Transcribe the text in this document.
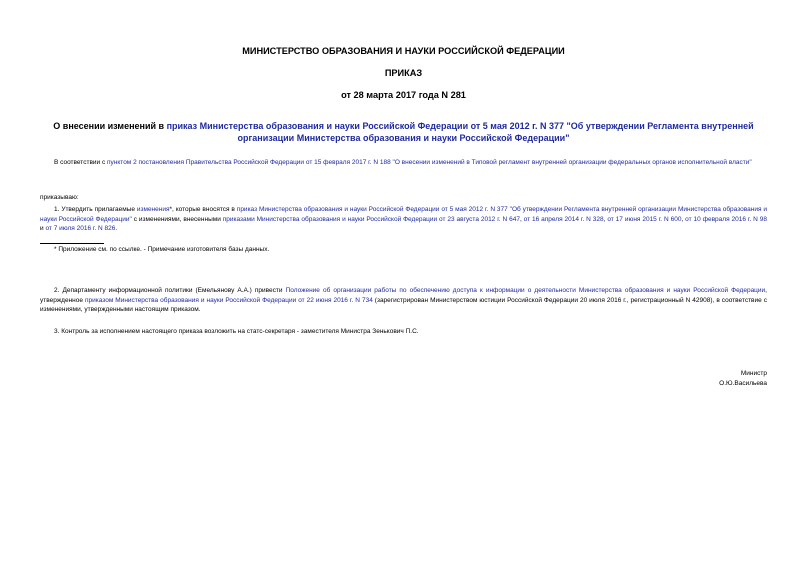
МИНИСТЕРСТВО ОБРАЗОВАНИЯ И НАУКИ РОССИЙСКОЙ ФЕДЕРАЦИИ
ПРИКАЗ
от 28 марта 2017 года N 281
О внесении изменений в приказ Министерства образования и науки Российской Федерации от 5 мая 2012 г. N 377 "Об утверждении Регламента внутренней организации Министерства образования и науки Российской Федерации"
В соответствии с пунктом 2 постановления Правительства Российской Федерации от 15 февраля 2017 г. N 188 "О внесении изменений в Типовой регламент внутренней организации федеральных органов исполнительной власти"
приказываю:
1. Утвердить прилагаемые изменения*, которые вносятся в приказ Министерства образования и науки Российской Федерации от 5 мая 2012 г. N 377 "Об утверждении Регламента внутренней организации Министерства образования и науки Российской Федерации" с изменениями, внесенными приказами Министерства образования и науки Российской Федерации от 23 августа 2012 г. N 647, от 16 апреля 2014 г. N 328, от 17 июня 2015 г. N 600, от 10 февраля 2016 г. N 98 и от 7 июля 2016 г. N 826.
* Приложение см. по ссылке. - Примечание изготовителя базы данных.
2. Департаменту информационной политики (Емельянову А.А.) привести Положение об организации работы по обеспечению доступа к информации о деятельности Министерства образования и науки Российской Федерации, утвержденное приказом Министерства образования и науки Российской Федерации от 22 июня 2016 г. N 734 (зарегистрирован Министерством юстиции Российской Федерации 20 июля 2016 г., регистрационный N 42908), в соответствие с изменениями, утвержденными настоящим приказом.
3. Контроль за исполнением настоящего приказа возложить на статс-секретаря - заместителя Министра Зенькович П.С.
Министр
О.Ю.Васильева
